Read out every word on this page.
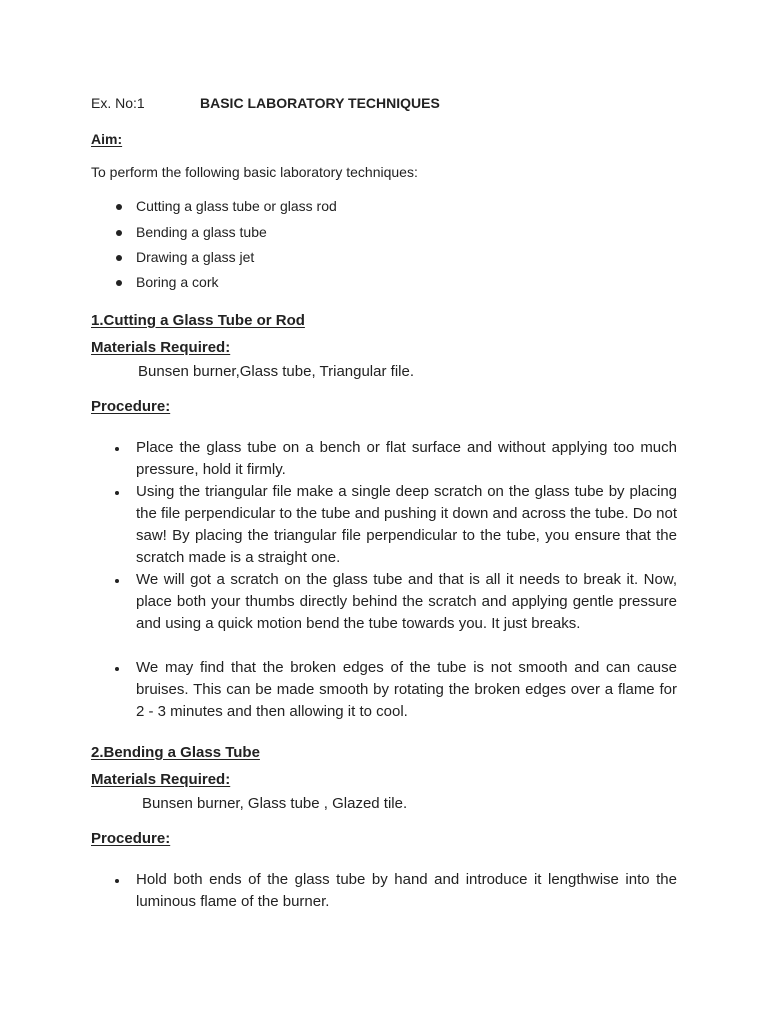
Ex. No:1	BASIC LABORATORY TECHNIQUES
Aim:
To perform the following basic laboratory techniques:
Cutting a glass tube or glass rod
Bending a glass tube
Drawing a glass jet
Boring a cork
1.Cutting a Glass Tube or Rod
Materials Required:
Bunsen burner,Glass tube, Triangular file.
Procedure:
Place the glass tube on a bench or flat surface and without applying too much pressure, hold it firmly.
Using the triangular file make a single deep scratch on the glass tube by placing the file perpendicular to the tube and pushing it down and across the tube. Do not saw! By placing the triangular file perpendicular to the tube, you ensure that the scratch made is a straight one.
We will got a scratch on the glass tube and that is all it needs to break it. Now, place both your thumbs directly behind the scratch and applying gentle pressure and using a quick motion bend the tube towards you. It just breaks.
We may find that the broken edges of the tube is not smooth and can cause bruises. This can be made smooth by rotating the broken edges over a flame for 2 - 3 minutes and then allowing it to cool.
2.Bending a Glass Tube
Materials Required:
Bunsen burner, Glass tube , Glazed tile.
Procedure:
Hold both ends of the glass tube by hand and introduce it lengthwise into the luminous flame of the burner.
